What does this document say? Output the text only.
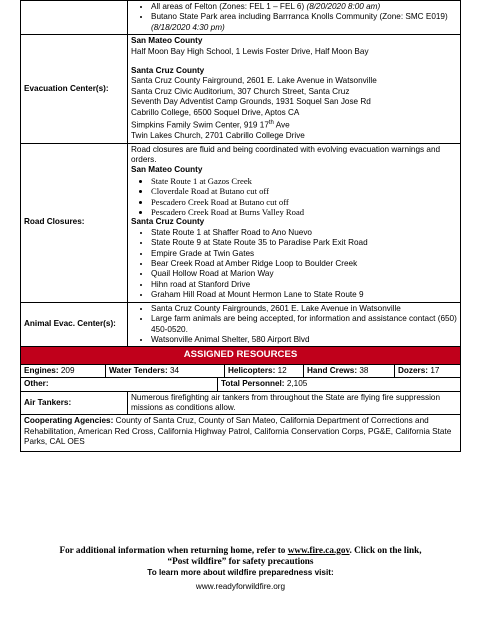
• All areas of Felton (Zones: FEL 1 – FEL 6) (8/20/2020 8:00 am)
• Butano State Park area including Barrranca Knolls Community (Zone: SMC E019) (8/18/2020 4:30 pm)

Evacuation Center(s):	
San Mateo County
Half Moon Bay High School, 1 Lewis Foster Drive, Half Moon Bay
Santa Cruz County
Santa Cruz County Fairground, 2601 E. Lake Avenue in Watsonville
Santa Cruz Civic Auditorium, 307 Church Street, Santa Cruz
Seventh Day Adventist Camp Grounds, 1931 Soquel San Jose Rd
Cabrillo College, 6500 Soquel Drive, Aptos CA
Simpkins Family Swim Center, 919 17th Ave
Twin Lakes Church, 2701 Cabrillo College Drive

Road Closures:	
Road closures are fluid and being coordinated with evolving evacuation warnings and orders.
San Mateo County
• State Route 1 at Gazos Creek
• Cloverdale Road at Butano cut off
• Pescadero Creek Road at Butano cut off
• Pescadero Creek Road at Burns Valley Road
Santa Cruz County
• State Route 1 at Shaffer Road to Ano Nuevo
• State Route 9 at State Route 35 to Paradise Park Exit Road
• Empire Grade at Twin Gates
• Bear Creek Road at Amber Ridge Loop to Boulder Creek
• Quail Hollow Road at Marion Way
• Hihn road at Stanford Drive
• Graham Hill Road at Mount Hermon Lane to State Route 9

Animal Evac. Center(s):	
• Santa Cruz County Fairgrounds, 2601 E. Lake Avenue in Watsonville
• Large farm animals are being accepted, for information and assistance contact (650) 450-0520.
• Watsonville Animal Shelter, 580 Airport Blvd

ASSIGNED RESOURCES

Engines: 209	Water Tenders: 34	Helicopters: 12	Hand Crews: 38	Dozers: 17

Other:	Total Personnel: 2,105

Air Tankers:	Numerous firefighting air tankers from throughout the State are flying fire suppression missions as conditions allow.
Cooperating Agencies: County of Santa Cruz, County of San Mateo, California Department of Corrections and Rehabilitation, American Red Cross, California Highway Patrol, California Conservation Corps, PG&E, California State Parks, CAL OES
For additional information when returning home, refer to www.fire.ca.gov. Click on the link,
“Post wildfire” for safety precautions
To learn more about wildfire preparedness visit:
www.readyforwildfire.org
